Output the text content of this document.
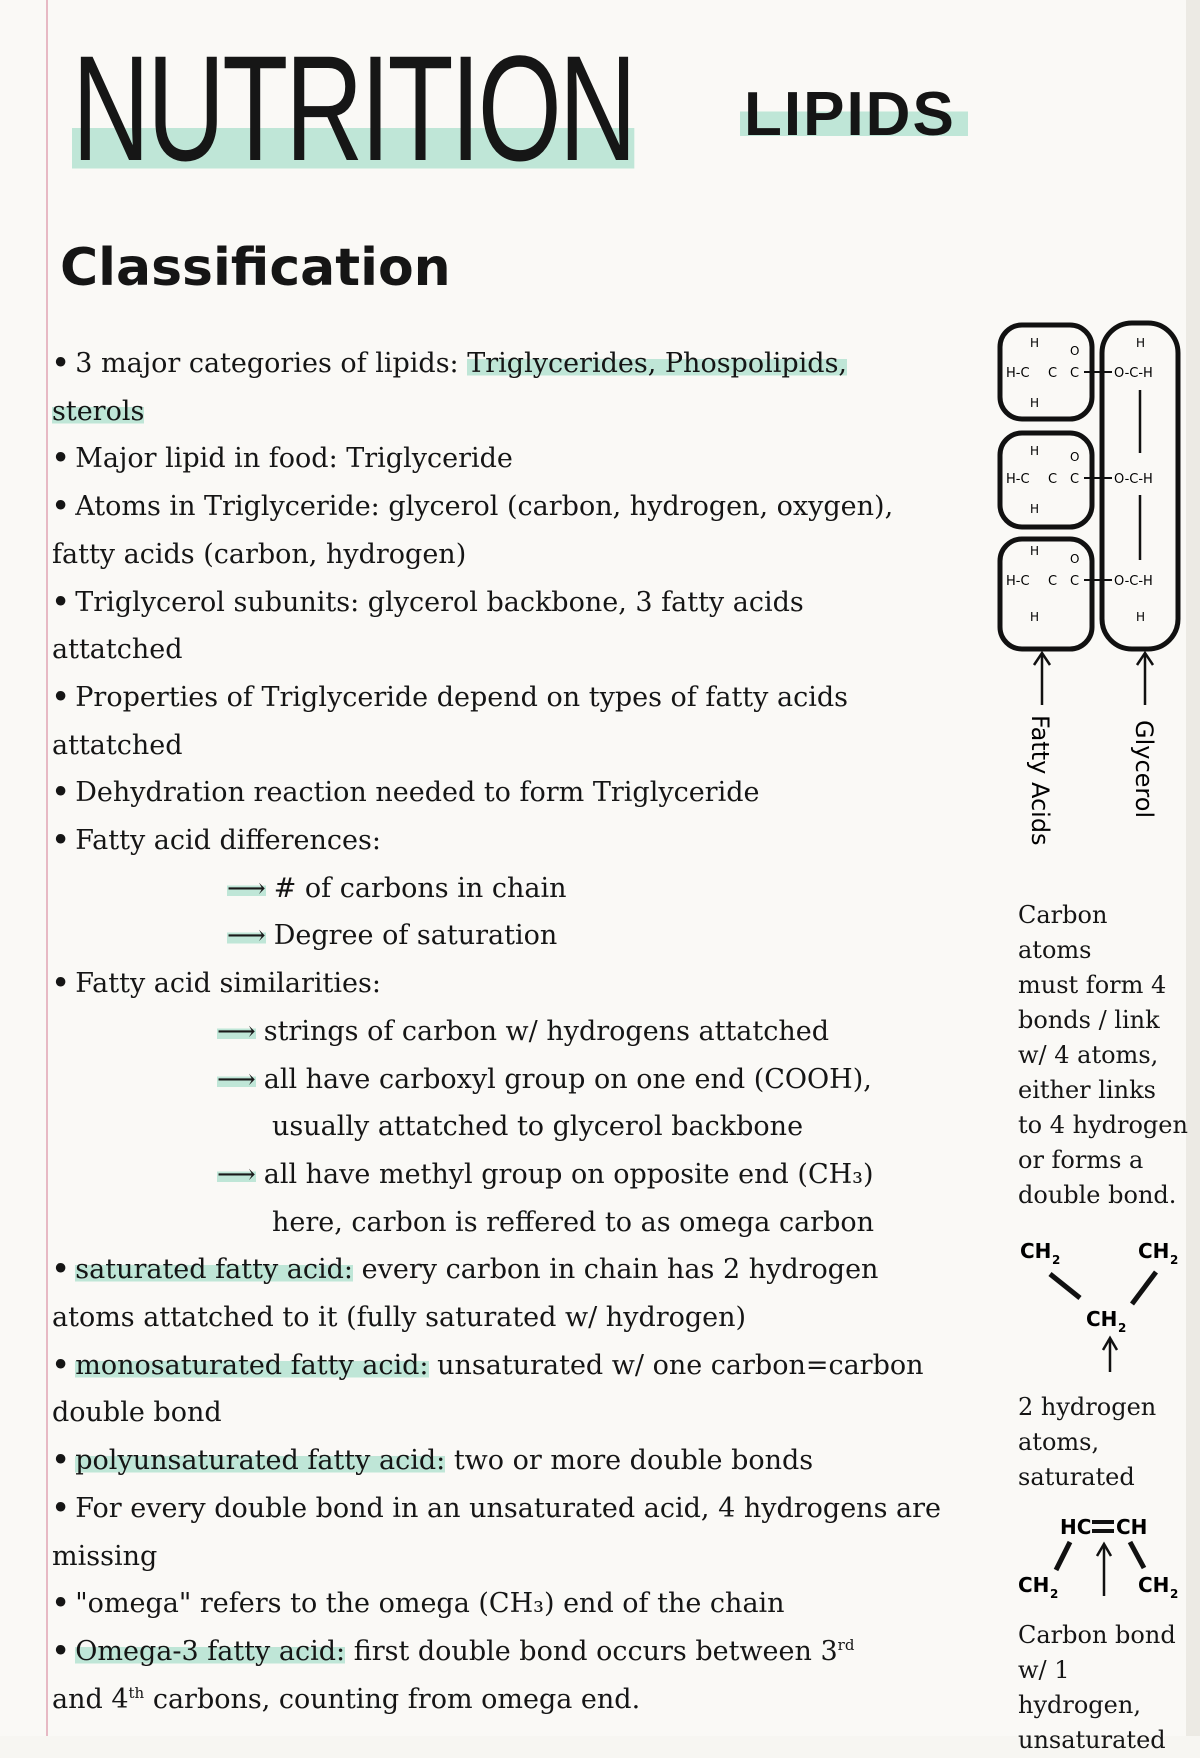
NUTRITION LIPIDS
Classification
• 3 major categories of lipids: Triglycerides, Phospolipids,
sterols
• Major lipid in food: Triglyceride
• Atoms in Triglyceride: glycerol (carbon, hydrogen, oxygen),
fatty acids (carbon, hydrogen)
• Triglycerol subunits: glycerol backbone, 3 fatty acids
attatched
• Properties of Triglyceride depend on types of fatty acids
attatched
• Dehydration reaction needed to form Triglyceride
• Fatty acid differences:
⟶ # of carbons in chain
⟶ Degree of saturation
• Fatty acid similarities:
⟶ strings of carbon w/ hydrogens attatched
⟶ all have carboxyl group on one end (COOH),
usually attatched to glycerol backbone
⟶ all have methyl group on opposite end (CH₃)
here, carbon is reffered to as omega carbon
• saturated fatty acid: every carbon in chain has 2 hydrogen
atoms attatched to it (fully saturated w/ hydrogen)
• monosaturated fatty acid: unsaturated w/ one carbon=carbon
double bond
• polyunsaturated fatty acid: two or more double bonds
• For every double bond in an unsaturated acid, 4 hydrogens are
missing
• "omega" refers to the omega (CH₃) end of the chain
• Omega-3 fatty acid: first double bond occurs between 3rd
and 4th carbons, counting from omega end.
H
H-C C
O
C
H
O-C-H
H
H
H-C C
O
C
H
O-C-H
H
H-C C
O
C
H
O-C-H
H
Fatty Acids	Glycerol
Carbon atoms
must form 4
bonds / link
w/ 4 atoms,
either links
to 4 hydrogen
or forms a
double bond.
CH 2	CH 2
CH 2
2 hydrogen
atoms,
saturated
HC CH
CH 2	CH 2
Carbon bond
w/ 1 hydrogen,
unsaturated
